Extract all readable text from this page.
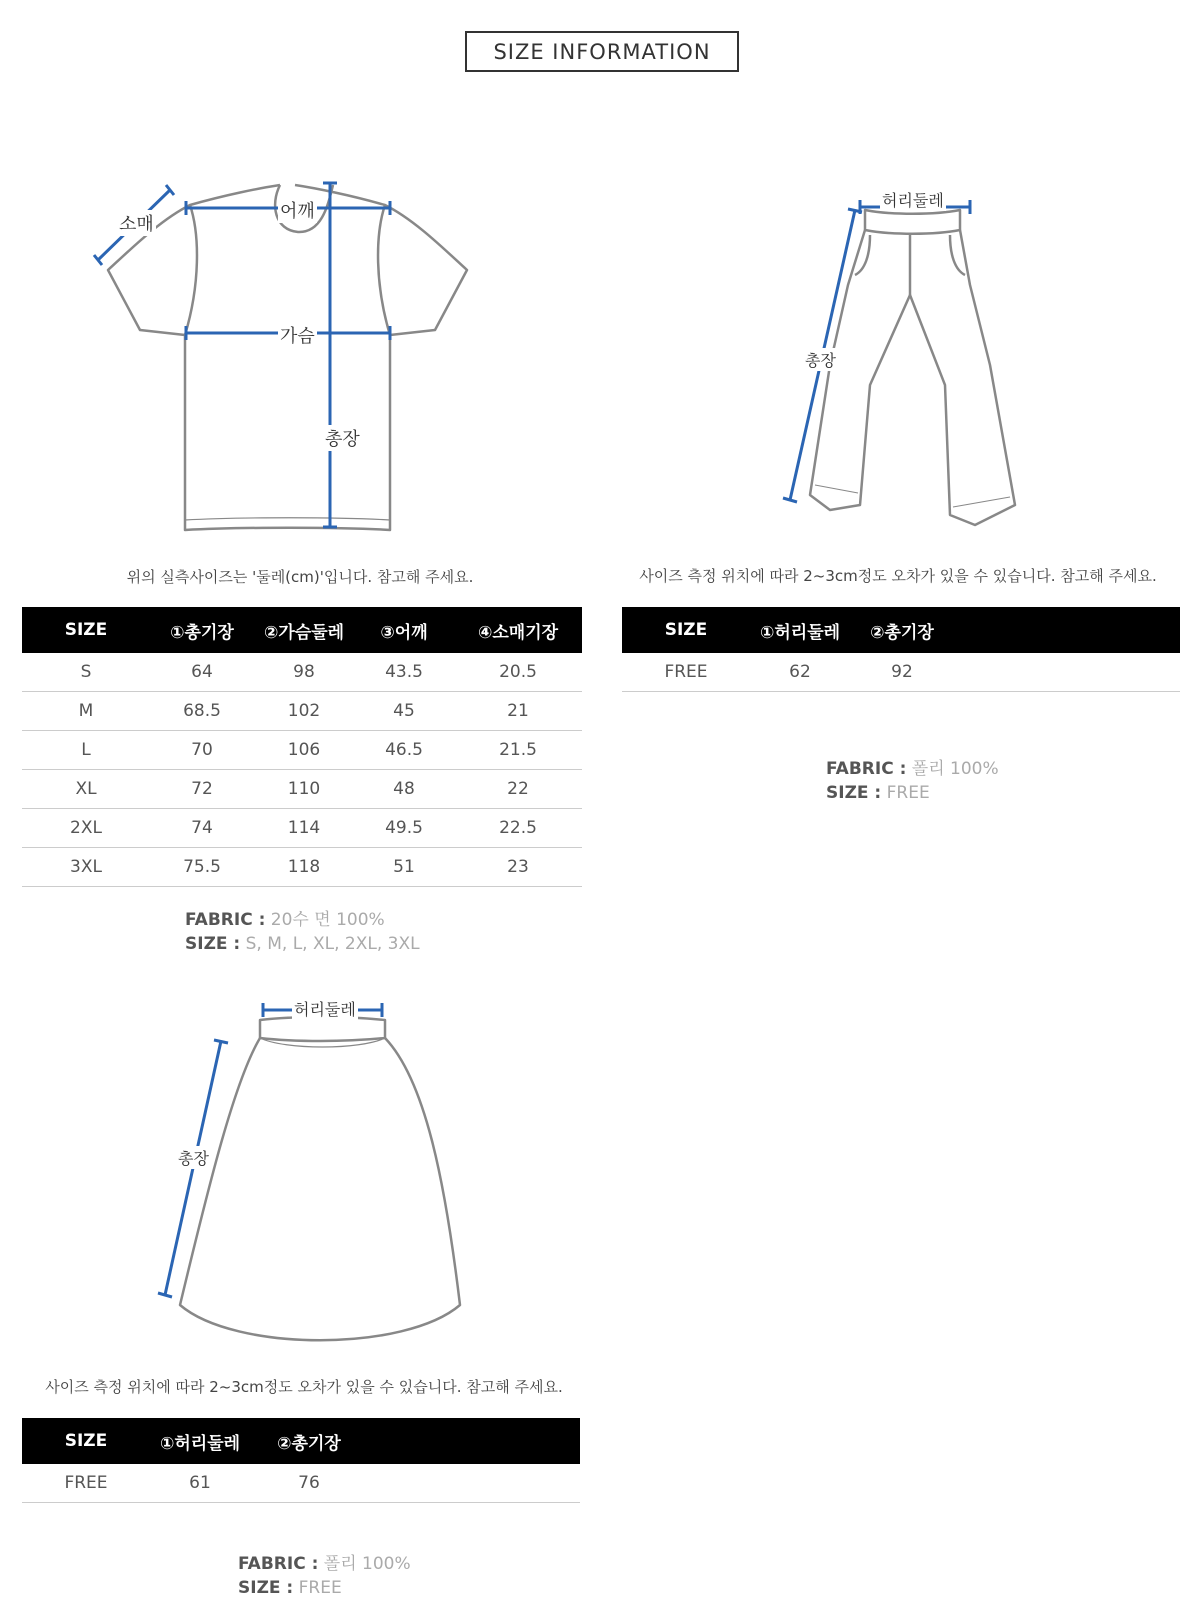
SIZE INFORMATION
소매
어깨
가슴
총장
위의 실측사이즈는 '둘레(cm)'입니다. 참고해 주세요.
SIZE	①총기장	②가슴둘레	③어깨	④소매기장
S	64	98	43.5	20.5
M	68.5	102	45	21
L	70	106	46.5	21.5
XL	72	110	48	22
2XL	74	114	49.5	22.5
3XL	75.5	118	51	23
FABRIC : 20수 면 100%
SIZE : S, M, L, XL, 2XL, 3XL
허리둘레
총장
사이즈 측정 위치에 따라 2~3cm정도 오차가 있을 수 있습니다. 참고해 주세요.
SIZE	①허리둘레	②총기장	
FREE	62	92	
FABRIC : 폴리 100%
SIZE : FREE
허리둘레
총장
사이즈 측정 위치에 따라 2~3cm정도 오차가 있을 수 있습니다. 참고해 주세요.
SIZE	①허리둘레	②총기장	
FREE	61	76	
FABRIC : 폴리 100%
SIZE : FREE
